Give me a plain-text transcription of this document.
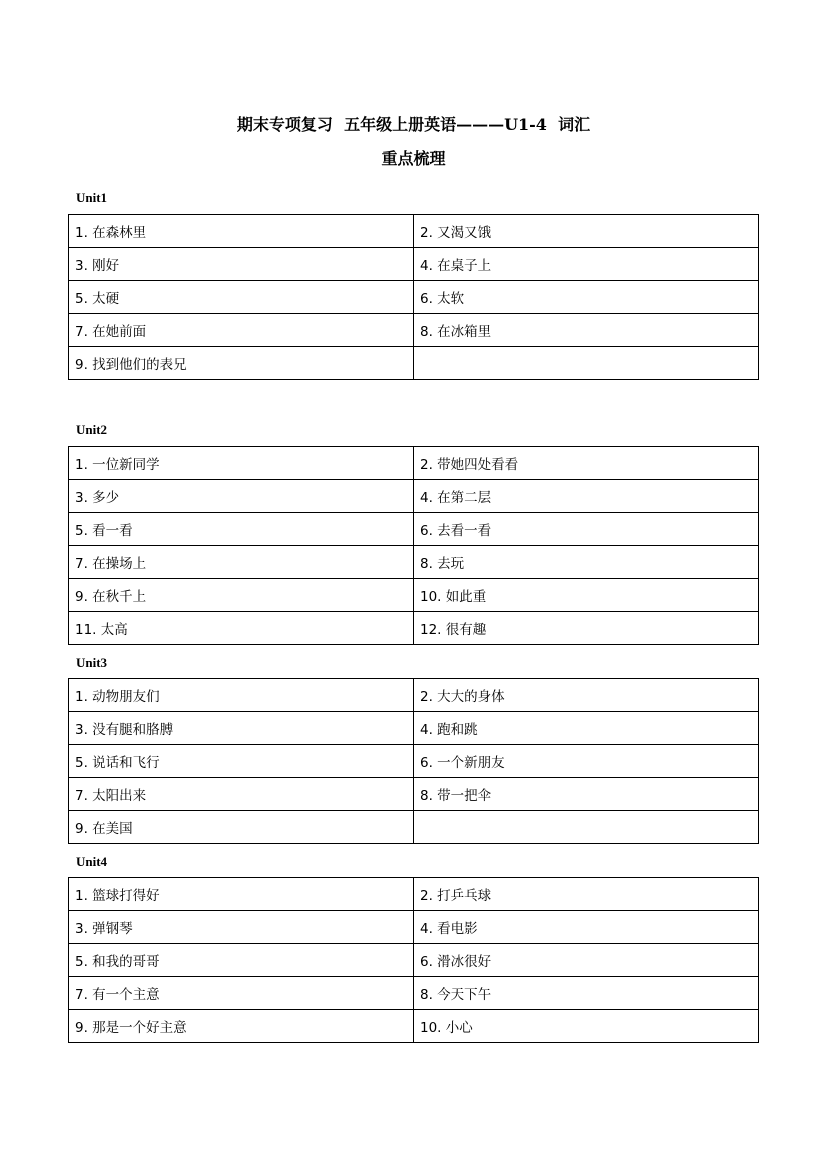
期末专项复习  五年级上册英语———U1-4  词汇
重点梳理
Unit1
1. 在森林里	2. 又渴又饿
3. 刚好	4. 在桌子上
5. 太硬	6. 太软
7. 在她前面	8. 在冰箱里
9. 找到他们的表兄	
Unit2
1. 一位新同学	2. 带她四处看看
3. 多少	4. 在第二层
5. 看一看	6. 去看一看
7. 在操场上	8. 去玩
9. 在秋千上	10. 如此重
11. 太高	12. 很有趣
Unit3
1. 动物朋友们	2. 大大的身体
3. 没有腿和胳膊	4. 跑和跳
5. 说话和飞行	6. 一个新朋友
7. 太阳出来	8. 带一把伞
9. 在美国	
Unit4
1. 篮球打得好	2. 打乒乓球
3. 弹钢琴	4. 看电影
5. 和我的哥哥	6. 滑冰很好
7. 有一个主意	8. 今天下午
9. 那是一个好主意	10. 小心
